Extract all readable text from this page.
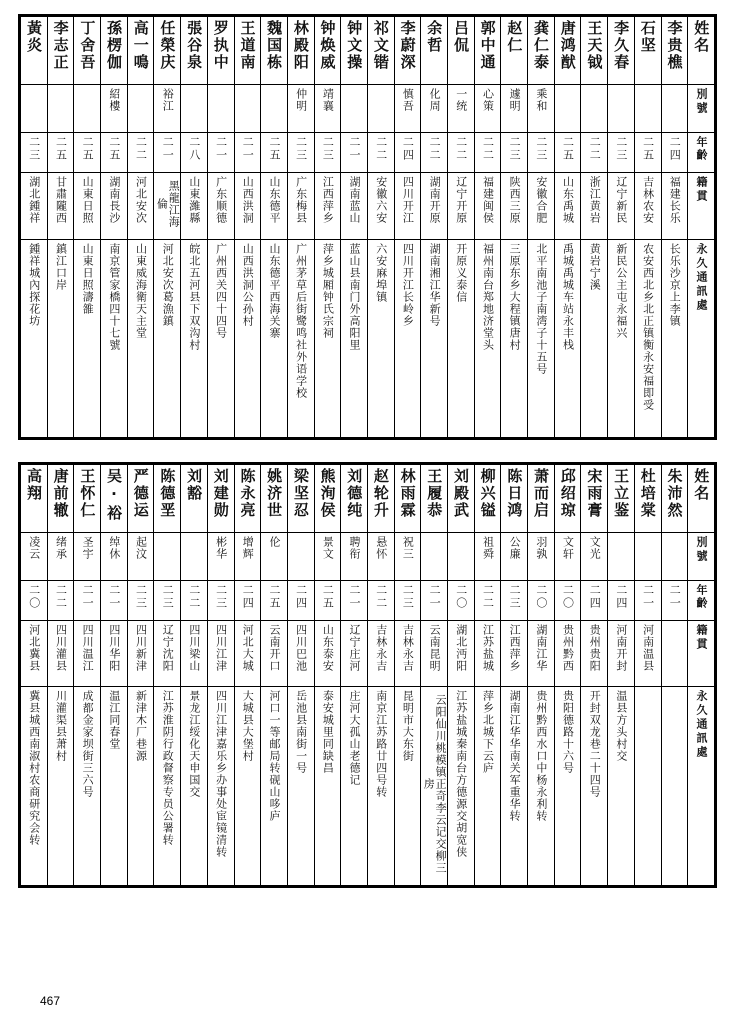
黃炎	李志正	丁舍吾	孫楞伽	高一鳴	任榮庆	張谷泉	罗执中	王道南	魏国栋	林殿阳	钟焕威	钟文操	祁文锴	李蔚深	余哲	吕侃	郭中通	赵仁	龚仁泰	唐鸿猷	王天钺	李久春	石坚	李贵樵	姓名
			紹樓		裕江					仲明	靖襄			慎吾	化周	一统	心策	遽明	乘和						別號
二三	二五	二五	二五	二二	二一	二八	二一	二一	二五	二三	二三	二一	二二	二四	二二	二二	二二	二三	二三	二五	二二	二三	二五	二四	年齡
湖北鍾祥	甘肅隴西	山東日照	湖南長沙	河北安次	黑龍江海倫	山東濰縣	广东顺德	山西洪洞	山东德平	广东梅县	江西萍乡	湖南蓝山	安徽六安	四川开江	湖南开原	辽宁开原	福建闽侯	陕西三原	安徽合肥	山东禹城	浙江黄岩	辽宁新民	吉林农安	福建长乐	籍貫
鍾祥城內探花坊	鎮江口岸	山東日照濤雒	南京管家橋四十七號	山東威海衛天主堂	河北安次葛漁鎮	皖北五河县下双沟村	广州西关四十四号	山西洪洞公孙村	山东德平西海关寨	广州茅草后街鹭鸣社外语学校	萍乡城厢钟氏宗祠	蓝山县南门外高阳里	六安麻埠镇	四川开江长岭乡	湖南湘江华新号	开原义泰信	福州南台郑地济堂头	三原东乡大程镇唐村	北平南池子南湾子十五号	禹城禹城车站永丰栈	黄岩宁溪	新民公主屯永福兴	农安西北乡北正镇衡永安福即受	长乐沙京上李镇	永久通訊處
高翔	唐前辙	王怀仁	吴·裕	严德运	陈德垩	刘豁	刘建勋	陈永亮	姚济世	梁坚忍	熊洵侯	刘德纯	赵轮升	林雨霖	王履恭	刘殿武	柳兴镒	陈日鸿	萧而启	邱绍琼	宋雨膏	王立鉴	杜培棠	朱沛然	姓名
凌云	绪承	圣宇	绰休	起汶			彬华	增辉	伦		景文	聘衔	悬怀	祝三			祖舜	公廉	羽孰	文轩	文光				別號
二〇	二二	二一	二一	二三	二三	二二	二三	二四	二五	二四	二五	二一	二二	二三	二一	二〇	二二	二三	二〇	二〇	二四	二四	二一	二一	年齡
河北冀县	四川灌县	四川温江	四川华阳	四川新津	辽宁沈阳	四川梁山	四川江津	河北大城	云南开口	四川巴池	山东泰安	辽宁庄河	吉林永吉	吉林永吉	云南昆明	湖北沔阳	江苏盐城	江西萍乡	湖南江华	贵州黔西	贵州贵阳	河南开封	河南温县		籍貫
冀县城西南淑村农商研究会转	川灌渠县萧村	成都金家坝街三六号	温江同春堂	新津木厂巷源	江苏淮阴行政督察专员公署转	景龙江绥化天申国交	四川江津嘉乐乡办事处宦镜清转	大城县大堡村	河口一等邮局转砚山哆庐	岳池县南街一号	泰安城里同缺昌	庄河大孤山老德记	南京江苏路廿四号转	昆明市大东街	云阳仙川桃模镇正奇李云记交柳三房	江苏盐城秦南台方德源交胡宽侠	萍乡北城下云庐	湖南江华华南关军重华转	贵州黔西水口中杨永利转	贵阳德路十六号	开封双龙巷二十四号	温县方头村交			永久通訊處
467
